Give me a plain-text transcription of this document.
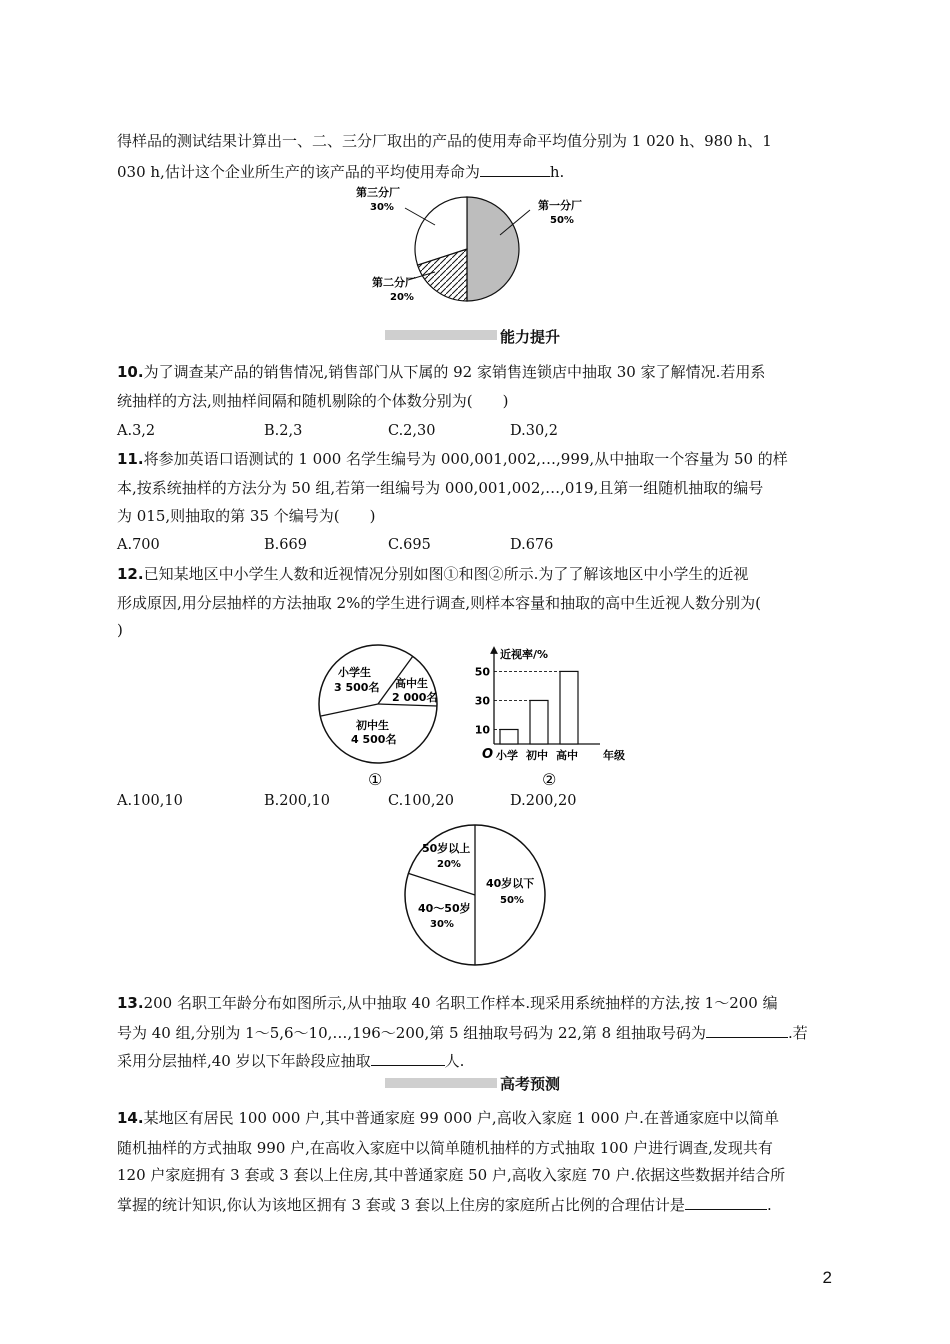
得样品的测试结果计算出一、二、三分厂取出的产品的使用寿命平均值分别为 1 020 h、980 h、1
030 h,估计这个企业所生产的该产品的平均使用寿命为	h.
第一分厂
50%
第三分厂
30%
第二分厂
20%
能力提升
10.为了调查某产品的销售情况,销售部门从下属的 92 家销售连锁店中抽取 30 家了解情况.若用系
统抽样的方法,则抽样间隔和随机剔除的个体数分别为(　　)
A.3,2	B.2,3	C.2,30	D.30,2
11.将参加英语口语测试的 1 000 名学生编号为 000,001,002,…,999,从中抽取一个容量为 50 的样
本,按系统抽样的方法分为 50 组,若第一组编号为 000,001,002,…,019,且第一组随机抽取的编号
为 015,则抽取的第 35 个编号为(　　)
A.700	B.669	C.695	D.676
12.已知某地区中小学生人数和近视情况分别如图①和图②所示.为了了解该地区中小学生的近视
形成原因,用分层抽样的方法抽取 2%的学生进行调查,则样本容量和抽取的高中生近视人数分别为(
)
小学生
3 500名 高中生
2 000名
初中生
4 500名
①
近视率/%
O	年级
小学 初中 高中
10
30
50
②
A.100,10	B.200,10	C.100,20	D.200,20
50岁以上
20%
40岁以下
50%
40～50岁
30%
13.200 名职工年龄分布如图所示,从中抽取 40 名职工作样本.现采用系统抽样的方法,按 1～200 编
号为 40 组,分别为 1～5,6～10,…,196～200,第 5 组抽取号码为 22,第 8 组抽取号码为	.若
采用分层抽样,40 岁以下年龄段应抽取	人.
高考预测
14.某地区有居民 100 000 户,其中普通家庭 99 000 户,高收入家庭 1 000 户.在普通家庭中以简单
随机抽样的方式抽取 990 户,在高收入家庭中以简单随机抽样的方式抽取 100 户进行调查,发现共有
120 户家庭拥有 3 套或 3 套以上住房,其中普通家庭 50 户,高收入家庭 70 户.依据这些数据并结合所
掌握的统计知识,你认为该地区拥有 3 套或 3 套以上住房的家庭所占比例的合理估计是	.
2
